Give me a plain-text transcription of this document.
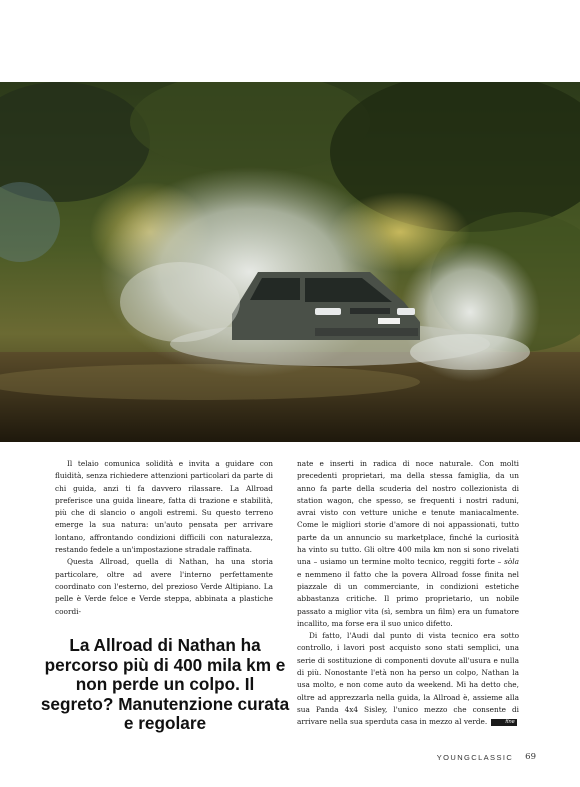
Il telaio comunica solidità e invita a guidare con fluidità, senza richiedere attenzioni particolari da parte di chi guida, anzi ti fa davvero rilassare. La Allroad preferisce una guida lineare, fatta di trazione e stabilità, più che di slancio o angoli estremi. Su questo terreno emerge la sua natura: un'auto pensata per arrivare lontano, affrontando condizioni difficili con naturalezza, restando fedele a un'impostazione stradale raffinata.

Questa Allroad, quella di Nathan, ha una storia particolare, oltre ad avere l'interno perfettamente coordinato con l'esterno, del prezioso Verde Altipiano. La pelle è Verde felce e Verde steppa, abbinata a plastiche coordi-

La Allroad di Nathan ha percorso più di 400 mila km e non perde un colpo. Il segreto? Manutenzione curata e regolare

nate e inserti in radica di noce naturale. Con molti precedenti proprietari, ma della stessa famiglia, da un anno fa parte della scuderia del nostro collezionista di station wagon, che spesso, se frequenti i nostri raduni, avrai visto con vetture uniche e tenute maniacalmente. Come le migliori storie d'amore di noi appassionati, tutto parte da un annuncio su marketplace, finché la curiosità ha vinto su tutto. Gli oltre 400 mila km non si sono rivelati una – usiamo un termine molto tecnico, reggiti forte – sòla e nemmeno il fatto che la povera Allroad fosse finita nel piazzale di un commerciante, in condizioni estetiche abbastanza critiche. Il primo proprietario, un nobile passato a miglior vita (sì, sembra un film) era un fumatore incallito, ma forse era il suo unico difetto.

Di fatto, l'Audi dal punto di vista tecnico era sotto controllo, i lavori post acquisto sono stati semplici, una serie di sostituzione di componenti dovute all'usura e nulla di più. Nonostante l'età non ha perso un colpo, Nathan la usa molto, e non come auto da weekend. Mi ha detto che, oltre ad apprezzarla nella guida, la Allroad è, assieme alla sua Panda 4x4 Sisley, l'unico mezzo che consente di arrivare nella sua sperduta casa in mezzo al verde.	fine

YOUNGCLASSIC 69
